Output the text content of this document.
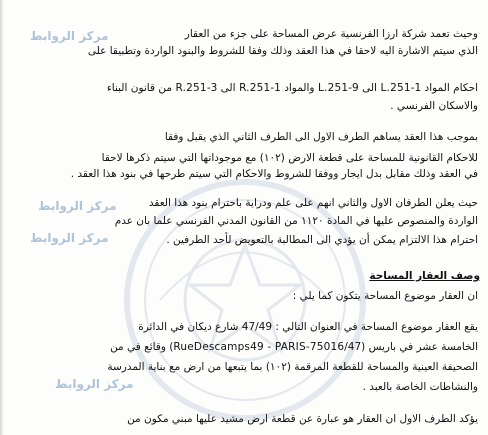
مركز الروابط
مركز الروابط
مركز الروابط
مركز الروابط
وحيث تعمد شركة ارزا الفرنسية عرض المساحة على جزء من العقار
الذي سيتم الاشارة اليه لاحقا في هذا العقد وذلك وفقا للشروط والبنود الواردة وتطبيقا على
احكام المواد 1-L.251 الى 9-L.251 والمواد 1-R.251 الى 3-R.251 من قانون البناء
والاسكان الفرنسي .
بموجب هذا العقد يساهم الطرف الاول الى الطرف الثاني الذي يقبل وفقا
للاحكام القانونية للمساحة على قطعة الارض (١٠٢) مع موجوداتها التي سيتم ذكرها لاحقا
في العقد وذلك مقابل بدل ايجار ووفقا للشروط والاحكام التي سيتم طرحها في بنود هذا العقد .
حيث يعلن الطرفان الاول والثاني انهم على علم ودراية باحترام بنود هذا العقد
الواردة والمنصوص عليها في المادة ١١٢٠ من القانون المدني الفرنسي علما بان عدم
احترام هذا الالتزام يمكن أن يؤدي الى المطالبة بالتعويض لأحد الطرفين .
وصف العقار المساحة
ان العقار موضوع المساحة يتكون كما يلي :
يقع العقار موضوع المساحة في العنوان التالي : 47/49 شارع ديكان في الدائرة
الخامسة عشر في باريس (47/RueDescamps49 - PARIS-75016) وقائع في من
الصحيفة العينية والمساحة للقطعة المرقمة (١٠٢) بما يتبعها من ارض مع بناية المدرسة
والنشاطات الخاصة بالعبد .
يؤكد الطرف الاول ان العقار هو عبارة عن قطعة ارض مشيد عليها مبني مكون من
